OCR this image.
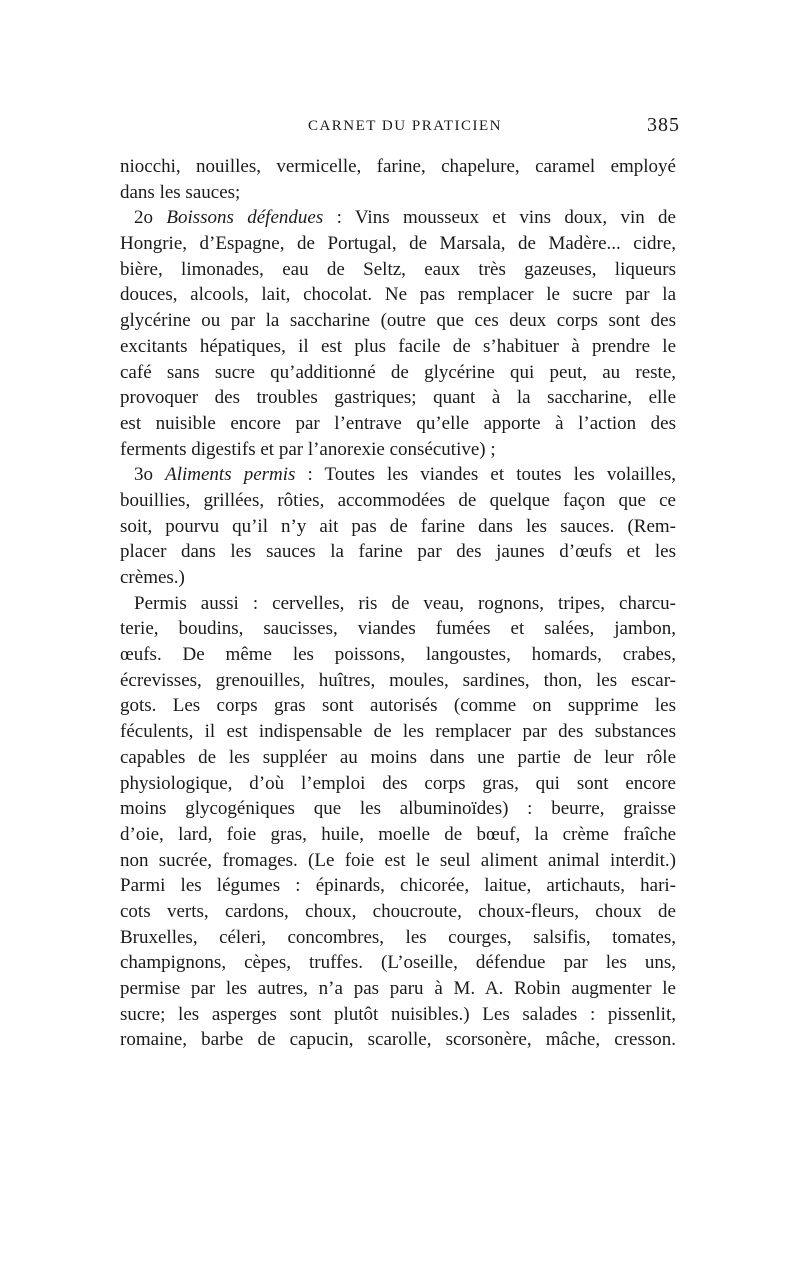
CARNET DU PRATICIEN	385
niocchi, nouilles, vermicelle, farine, chapelure, caramel employé
dans les sauces;
2o Boissons défendues : Vins mousseux et vins doux, vin de
Hongrie, d’Espagne, de Portugal, de Marsala, de Madère... cidre,
bière, limonades, eau de Seltz, eaux très gazeuses, liqueurs
douces, alcools, lait, chocolat. Ne pas remplacer le sucre par la
glycérine ou par la saccharine (outre que ces deux corps sont des
excitants hépatiques, il est plus facile de s’habituer à prendre le
café sans sucre qu’additionné de glycérine qui peut, au reste,
provoquer des troubles gastriques; quant à la saccharine, elle
est nuisible encore par l’entrave qu’elle apporte à l’action des
ferments digestifs et par l’anorexie consécutive) ;
3o Aliments permis : Toutes les viandes et toutes les volailles,
bouillies, grillées, rôties, accommodées de quelque façon que ce
soit, pourvu qu’il n’y ait pas de farine dans les sauces. (Rem-
placer dans les sauces la farine par des jaunes d’œufs et les
crèmes.)
Permis aussi : cervelles, ris de veau, rognons, tripes, charcu-
terie, boudins, saucisses, viandes fumées et salées, jambon,
œufs. De même les poissons, langoustes, homards, crabes,
écrevisses, grenouilles, huîtres, moules, sardines, thon, les escar-
gots. Les corps gras sont autorisés (comme on supprime les
féculents, il est indispensable de les remplacer par des substances
capables de les suppléer au moins dans une partie de leur rôle
physiologique, d’où l’emploi des corps gras, qui sont encore
moins glycogéniques que les albuminoïdes) : beurre, graisse
d’oie, lard, foie gras, huile, moelle de bœuf, la crème fraîche
non sucrée, fromages. (Le foie est le seul aliment animal interdit.)
Parmi les légumes : épinards, chicorée, laitue, artichauts, hari-
cots verts, cardons, choux, choucroute, choux-fleurs, choux de
Bruxelles, céleri, concombres, les courges, salsifis, tomates,
champignons, cèpes, truffes. (L’oseille, défendue par les uns,
permise par les autres, n’a pas paru à M. A. Robin augmenter le
sucre; les asperges sont plutôt nuisibles.) Les salades : pissenlit,
romaine, barbe de capucin, scarolle, scorsonère, mâche, cresson.
